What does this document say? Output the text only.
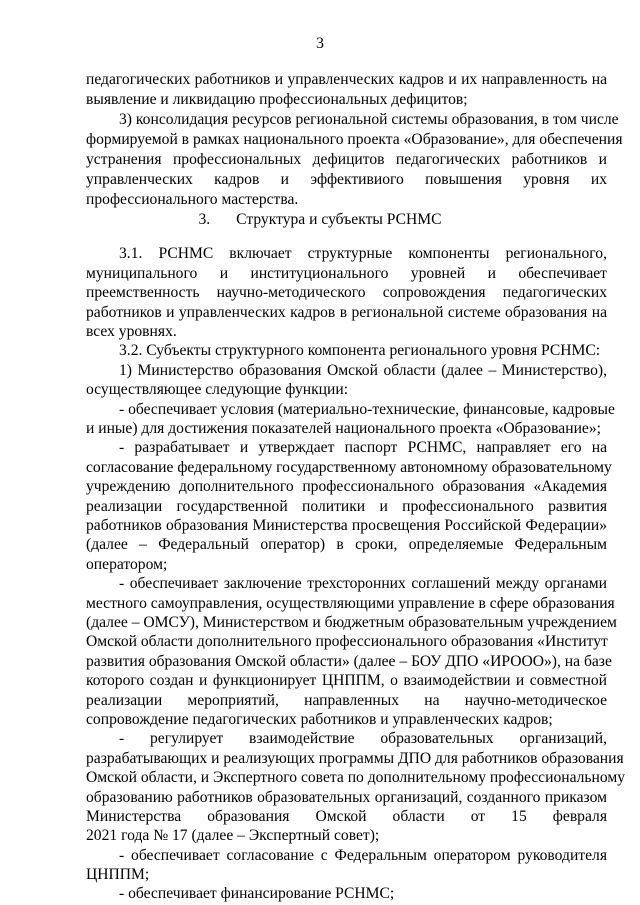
3
педагогических работников и управленческих кадров и их направленность на
выявление и ликвидацию профессиональных дефицитов;
3) консолидация ресурсов региональной системы образования, в том числе
формируемой в рамках национального проекта «Образование», для обеспечения
устранения профессиональных дефицитов педагогических работников и
управленческих кадров и эффективиого повышения уровня их
профессионального мастерства.
3. Структура и субъекты РСНМС
3.1. РСНМС включает структурные компоненты регионального,
муниципального и институционального уровней и обеспечивает
преемственность научно-методического сопровождения педагогических
работников и управленческих кадров в региональной системе образования на
всех уровнях.
3.2. Субъекты структурного компонента регионального уровня РСНМС:
1) Министерство образования Омской области (далее – Министерство),
осуществляющее следующие функции:
- обеспечивает условия (материально-технические, финансовые, кадровые
и иные) для достижения показателей национального проекта «Образование»;
- разрабатывает и утверждает паспорт РСНМС, направляет его на
согласование федеральному государственному автономному образовательному
учреждению дополнительного профессионального образования «Академия
реализации государственной политики и профессионального развития
работников образования Министерства просвещения Российской Федерации»
(далее – Федеральный оператор) в сроки, определяемые Федеральным
оператором;
- обеспечивает заключение трехсторонних соглашений между органами
местного самоуправления, осуществляющими управление в сфере образования
(далее – ОМСУ), Министерством и бюджетным образовательным учреждением
Омской области дополнительного профессионального образования «Институт
развития образования Омской области» (далее – БОУ ДПО «ИРООО»), на базе
которого создан и функционирует ЦНППМ, о взаимодействии и совместной
реализации мероприятий, направленных на научно-методическое
сопровождение педагогических работников и управленческих кадров;
- регулирует взаимодействие образовательных организаций,
разрабатывающих и реализующих программы ДПО для работников образования
Омской области, и Экспертного совета по дополнительному профессиональному
образованию работников образовательных организаций, созданного приказом
Министерства образования Омской области от 15 февраля
2021 года № 17 (далее – Экспертный совет);
- обеспечивает согласование с Федеральным оператором руководителя
ЦНППМ;
- обеспечивает финансирование РСНМС;
